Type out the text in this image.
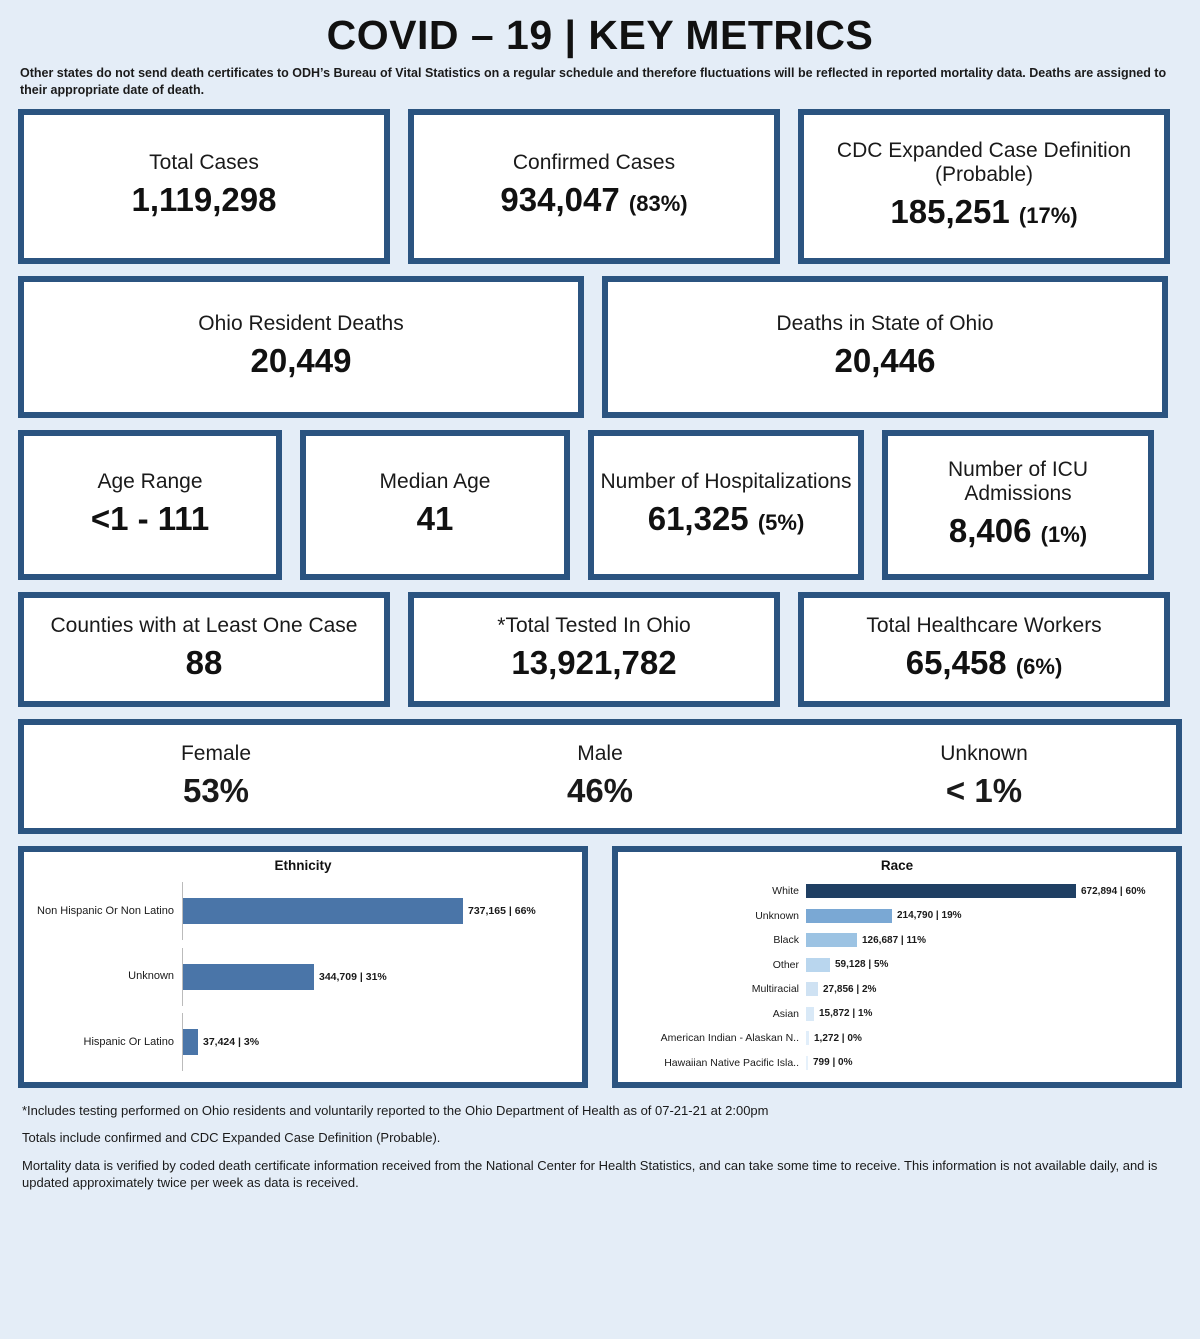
COVID – 19 | KEY METRICS
Other states do not send death certificates to ODH’s Bureau of Vital Statistics on a regular schedule and therefore fluctuations will be reflected in reported mortality data. Deaths are assigned to their appropriate date of death.
Total Cases
1,119,298
Confirmed Cases
934,047 (83%)
CDC Expanded Case Definition (Probable)
185,251 (17%)
Ohio Resident Deaths
20,449
Deaths in State of Ohio
20,446
Age Range
<1 - 111
Median Age
41
Number of Hospitalizations
61,325 (5%)
Number of ICU Admissions
8,406 (1%)
Counties with at Least One Case
88
*Total Tested In Ohio
13,921,782
Total Healthcare Workers
65,458 (6%)
Female
53%
Male
46%
Unknown
< 1%
Ethnicity
Non Hispanic Or Non Latino	737,165 | 66%
Unknown	344,709 | 31%
Hispanic Or Latino	37,424 | 3%
Race
White	672,894 | 60%
Unknown	214,790 | 19%
Black	126,687 | 11%
Other	59,128 | 5%
Multiracial	27,856 | 2%
Asian	15,872 | 1%
American Indian - Alaskan N..	1,272 | 0%
Hawaiian Native Pacific Isla..	799 | 0%
*Includes testing performed on Ohio residents and voluntarily reported to the Ohio Department of Health as of 07-21-21 at 2:00pm
Totals include confirmed and CDC Expanded Case Definition (Probable).
Mortality data is verified by coded death certificate information received from the National Center for Health Statistics, and can take some time to receive. This information is not available daily, and is updated approximately twice per week as data is received.
